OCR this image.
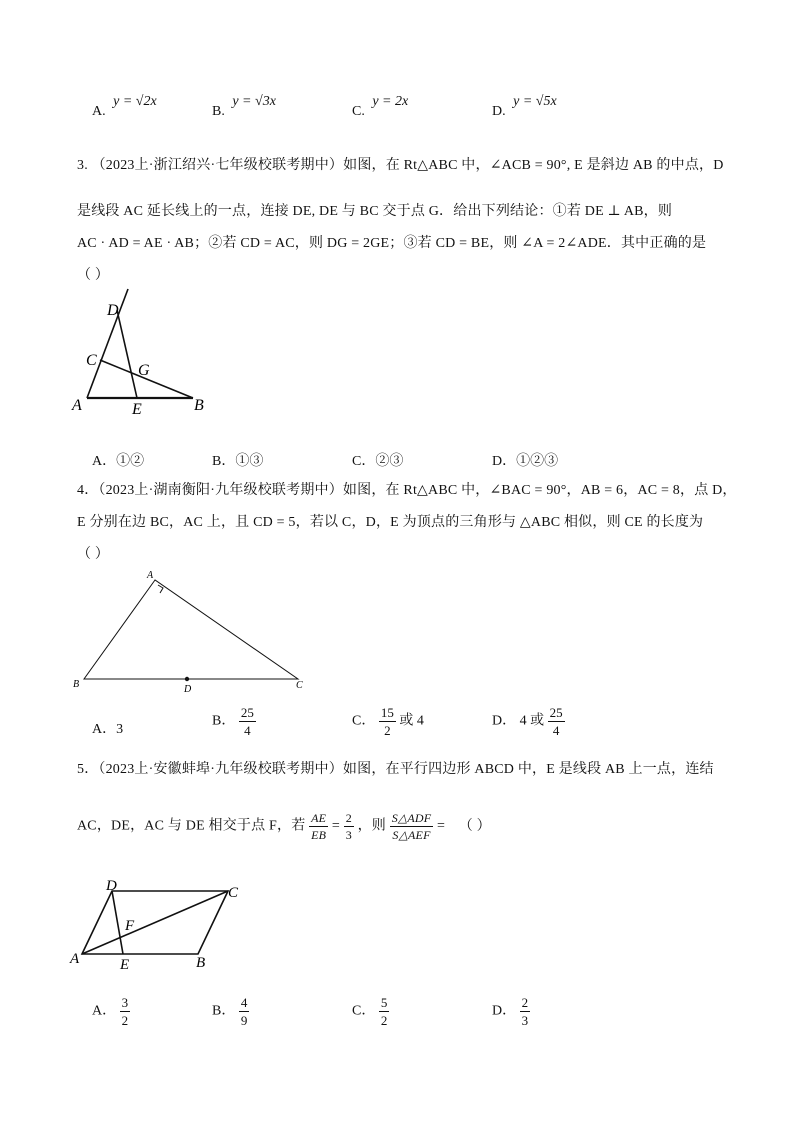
A. y = √2x
B. y = √3x
C. y = 2x
D. y = √5x
3. （2023上·浙江绍兴·七年级校联考期中）如图，在 Rt△ABC 中，∠ACB = 90°, E 是斜边 AB 的中点，D
是线段 AC 延长线上的一点，连接 DE, DE 与 BC 交于点 G．给出下列结论：①若 DE ⊥ AB，则
AC · AD = AE · AB；②若 CD = AC，则 DG = 2GE；③若 CD = BE，则 ∠A = 2∠ADE．其中正确的是
（ ）
D
C
G
A	E	B
A．①②	B．①③	C．②③	D．①②③
4．（2023上·湖南衡阳·九年级校联考期中）如图，在 Rt△ABC 中，∠BAC = 90°，AB = 6，AC = 8，点 D，
E 分别在边 BC，AC 上，且 CD = 5，若以 C，D，E 为顶点的三角形与 △ABC 相似，则 CE 的长度为
（ ）
A
B	C
D
A．3
B． $\frac{25}{4}$	C． $\frac{15}{2}$ 或 4	D． 4 或 $\frac{25}{4}$
5．（2023上·安徽蚌埠·九年级校联考期中）如图，在平行四边形 ABCD 中，E 是线段 AB 上一点，连结
AC，DE，AC 与 DE 相交于点 F，若 $\frac{AE}{EB} = \frac{2}{3}$ ，则 $\frac{\text{S△ADF}}{\text{S△AEF}}$ = （ ）
D	C
F
A	E	B
A． $\frac{3}{2}$	B． $\frac{4}{9}$	C． $\frac{5}{2}$	D． $\frac{2}{3}$
